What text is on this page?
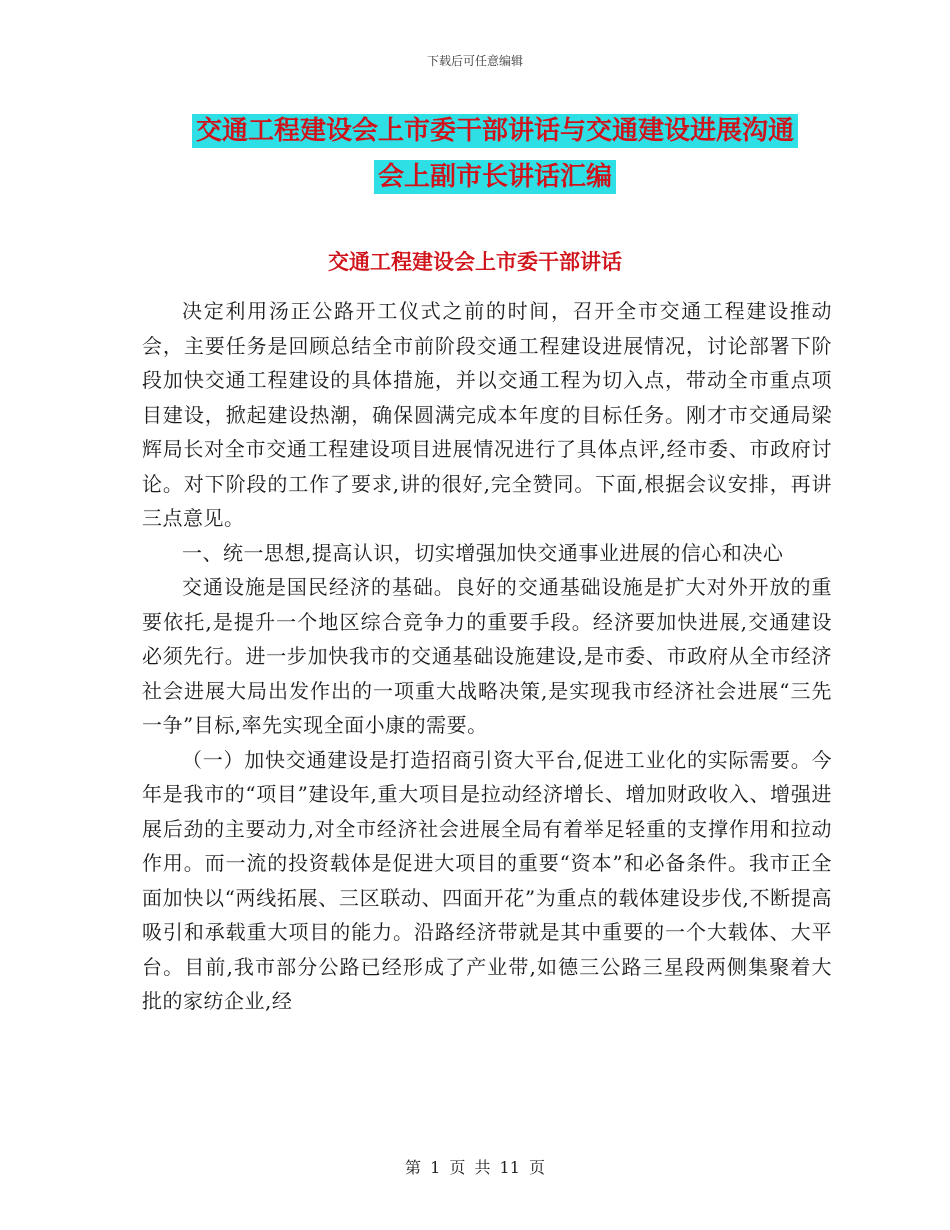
下载后可任意编辑
交通工程建设会上市委干部讲话与交通建设进展沟通
会上副市长讲话汇编
交通工程建设会上市委干部讲话

决定利用汤正公路开工仪式之前的时间，召开全市交通工程建设推动会，主要任务是回顾总结全市前阶段交通工程建设进展情况，讨论部署下阶段加快交通工程建设的具体措施，并以交通工程为切入点，带动全市重点项目建设，掀起建设热潮，确保圆满完成本年度的目标任务。刚才市交通局梁辉局长对全市交通工程建设项目进展情况进行了具体点评,经市委、市政府讨论。对下阶段的工作了要求,讲的很好,完全赞同。下面,根据会议安排，再讲三点意见。

一、统一思想,提高认识，切实增强加快交通事业进展的信心和决心

交通设施是国民经济的基础。良好的交通基础设施是扩大对外开放的重要依托,是提升一个地区综合竞争力的重要手段。经济要加快进展,交通建设必须先行。进一步加快我市的交通基础设施建设,是市委、市政府从全市经济社会进展大局出发作出的一项重大战略决策,是实现我市经济社会进展“三先一争”目标,率先实现全面小康的需要。

（一）加快交通建设是打造招商引资大平台,促进工业化的实际需要。今年是我市的“项目”建设年,重大项目是拉动经济增长、增加财政收入、增强进展后劲的主要动力,对全市经济社会进展全局有着举足轻重的支撑作用和拉动作用。而一流的投资载体是促进大项目的重要“资本”和必备条件。我市正全面加快以“两线拓展、三区联动、四面开花”为重点的载体建设步伐,不断提高吸引和承载重大项目的能力。沿路经济带就是其中重要的一个大载体、大平台。目前,我市部分公路已经形成了产业带,如德三公路三星段两侧集聚着大批的家纺企业,经

第 1 页 共 11 页
